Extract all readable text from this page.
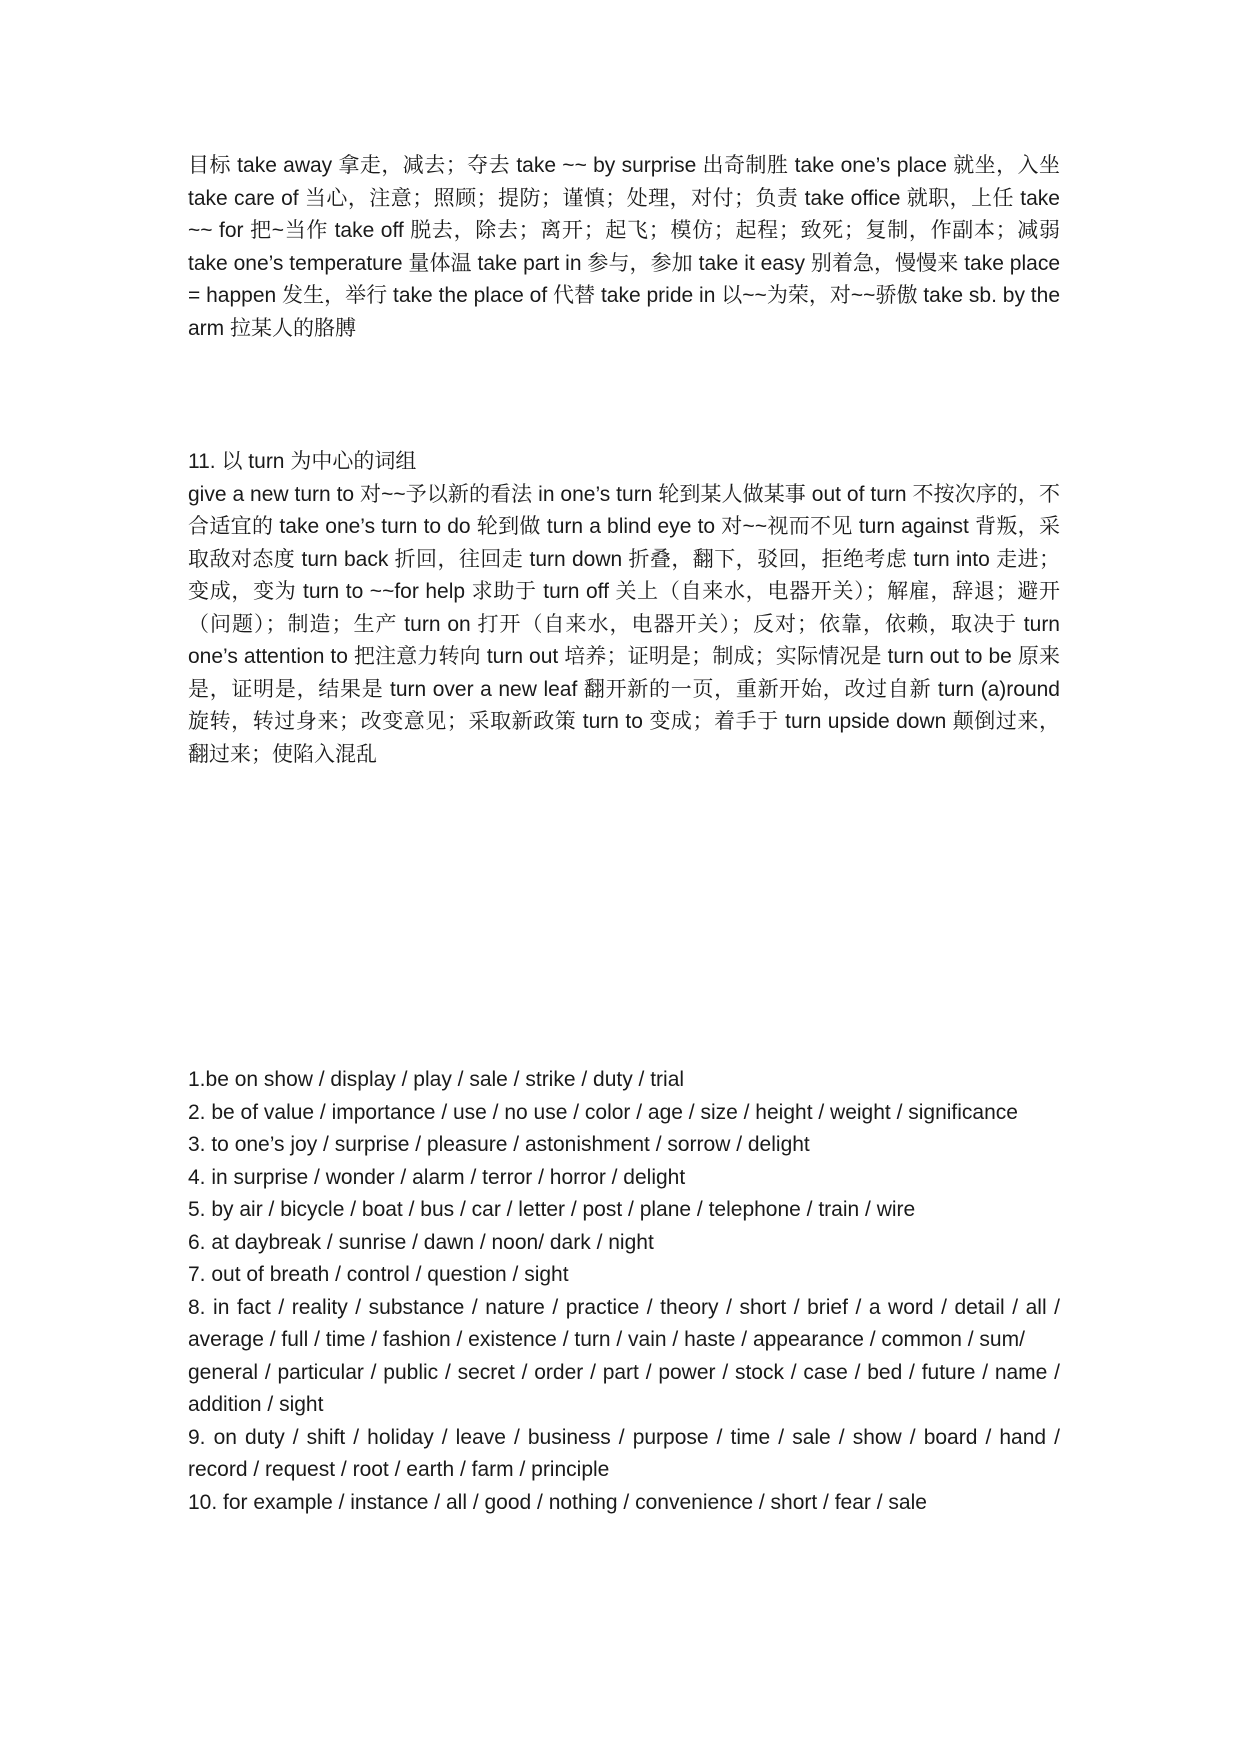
目标 take away 拿走，减去；夺去 take ~~ by surprise 出奇制胜 take one’s place 就坐，入坐 take care of 当心，注意；照顾；提防；谨慎；处理，对付；负责 take office 就职，上任 take ~~ for 把~当作 take off 脱去，除去；离开；起飞；模仿；起程；致死；复制，作副本；减弱 take one’s temperature 量体温 take part in 参与，参加 take it easy 别着急，慢慢来 take place = happen 发生，举行 take the place of 代替 take pride in 以~~为荣，对~~骄傲 take sb. by the arm 拉某人的胳膊
11. 以 turn 为中心的词组
give a new turn to 对~~予以新的看法 in one’s turn 轮到某人做某事 out of turn 不按次序的，不合适宜的 take one’s turn to do 轮到做 turn a blind eye to 对~~视而不见 turn against 背叛，采取敌对态度 turn back 折回，往回走 turn down 折叠，翻下，驳回，拒绝考虑 turn into 走进；变成，变为 turn to ~~for help 求助于 turn off 关上（自来水，电器开关）；解雇，辞退；避开（问题）；制造；生产 turn on 打开（自来水，电器开关）；反对；依靠，依赖，取决于 turn one’s attention to 把注意力转向 turn out 培养；证明是；制成；实际情况是 turn out to be 原来是，证明是，结果是 turn over a new leaf 翻开新的一页，重新开始，改过自新 turn (a)round 旋转，转过身来；改变意见；采取新政策 turn to 变成；着手于 turn upside down 颠倒过来，翻过来；使陷入混乱
1.be on show / display / play / sale / strike / duty / trial
2. be of value / importance / use / no use / color / age / size / height / weight / significance
3. to one’s joy / surprise / pleasure / astonishment / sorrow / delight
4. in surprise / wonder / alarm / terror / horror / delight
5. by air / bicycle / boat / bus / car / letter / post / plane / telephone / train / wire
6. at daybreak / sunrise / dawn / noon/ dark / night
7. out of breath / control / question / sight
8. in fact / reality / substance / nature / practice / theory / short / brief / a word / detail / all / average / full / time / fashion / existence / turn / vain / haste / appearance / common / sum/
general / particular / public / secret / order / part / power / stock / case / bed / future / name / addition / sight
9. on duty / shift / holiday / leave / business / purpose / time / sale / show / board / hand / record / request / root / earth / farm / principle
10. for example / instance / all / good / nothing / convenience / short / fear / sale
